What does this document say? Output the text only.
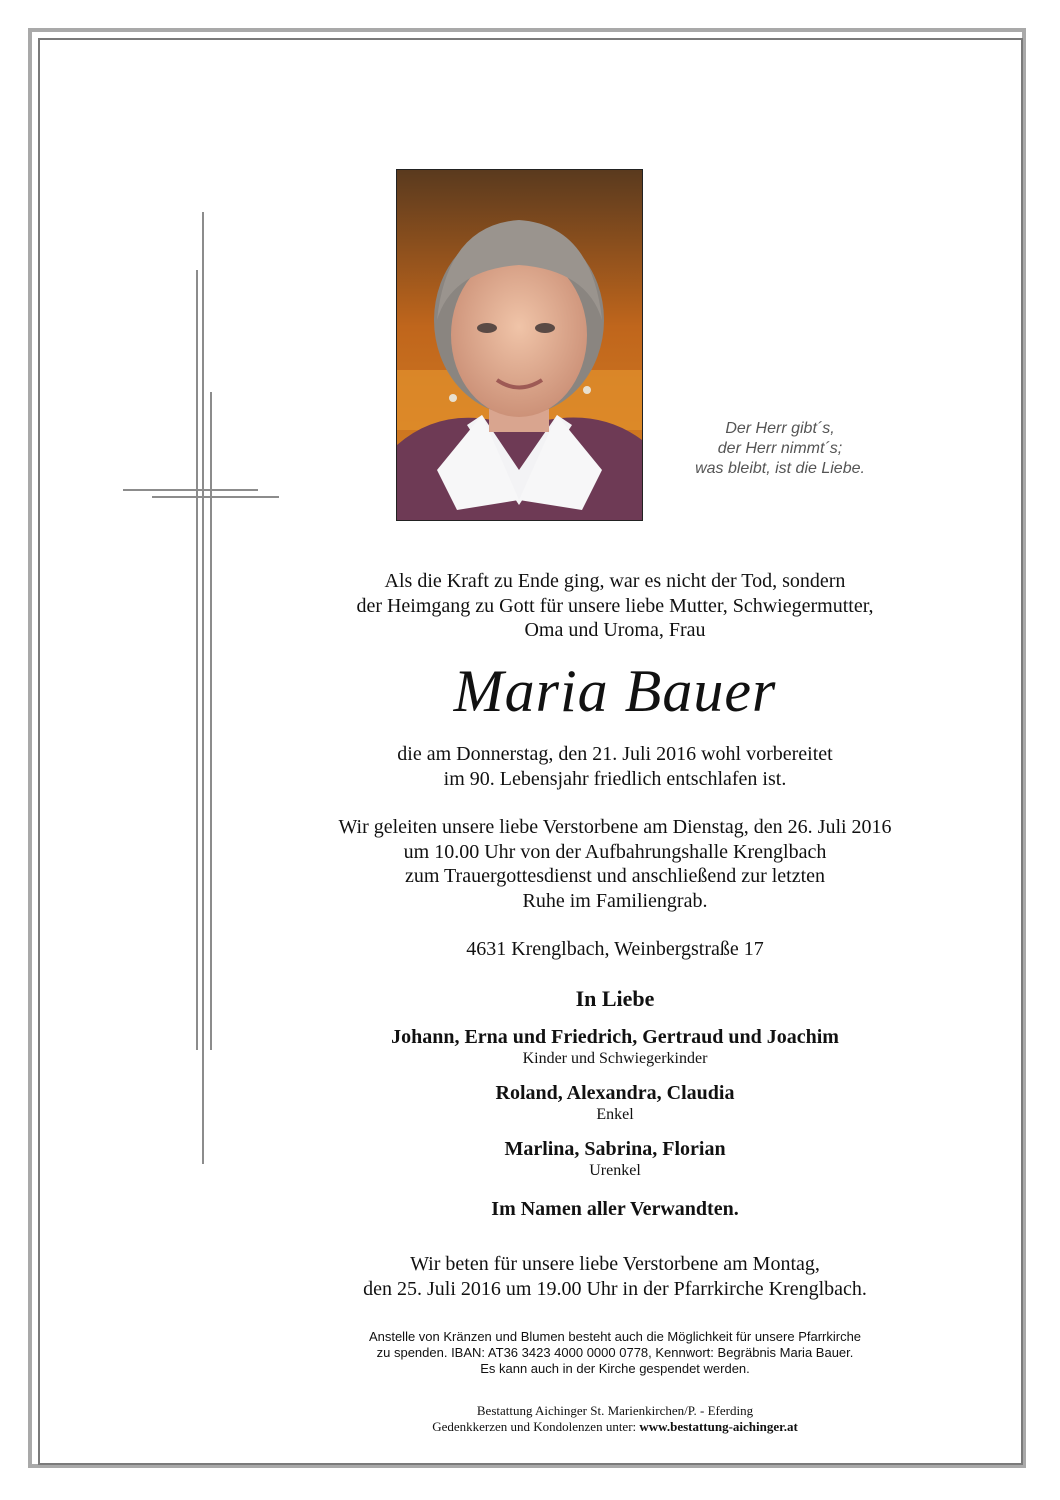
Der Herr gibt´s,
der Herr nimmt´s;
was bleibt, ist die Liebe.
Als die Kraft zu Ende ging, war es nicht der Tod, sondern
der Heimgang zu Gott für unsere liebe Mutter, Schwiegermutter,
Oma und Uroma, Frau
Maria Bauer
die am Donnerstag, den 21. Juli 2016 wohl vorbereitet
im 90. Lebensjahr friedlich entschlafen ist.
Wir geleiten unsere liebe Verstorbene am Dienstag, den 26. Juli 2016
um 10.00 Uhr von der Aufbahrungshalle Krenglbach
zum Trauergottesdienst und anschließend zur letzten
Ruhe im Familiengrab.
4631 Krenglbach, Weinbergstraße 17
In Liebe
Johann, Erna und Friedrich, Gertraud und Joachim
Kinder und Schwiegerkinder
Roland, Alexandra, Claudia
Enkel
Marlina, Sabrina, Florian
Urenkel
Im Namen aller Verwandten.
Wir beten für unsere liebe Verstorbene am Montag,
den 25. Juli 2016 um 19.00 Uhr in der Pfarrkirche Krenglbach.
Anstelle von Kränzen und Blumen besteht auch die Möglichkeit für unsere Pfarrkirche
zu spenden. IBAN: AT36 3423 4000 0000 0778, Kennwort: Begräbnis Maria Bauer.
Es kann auch in der Kirche gespendet werden.
Bestattung Aichinger St. Marienkirchen/P. - Eferding
Gedenkkerzen und Kondolenzen unter: www.bestattung-aichinger.at
